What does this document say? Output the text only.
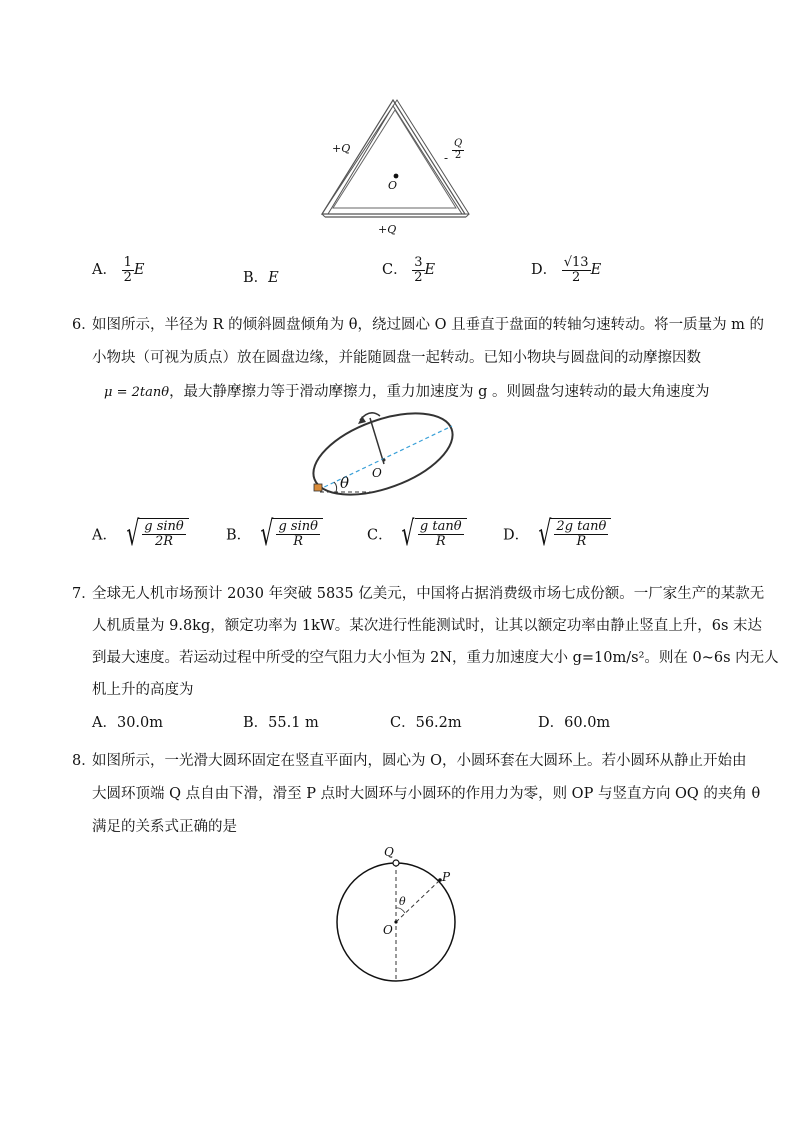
+Q
- $\frac{Q}{2}$
+Q
O
A． $\frac{1}{2}$ E	B．E	C． $\frac{3}{2}$ E	D． $\frac{√13}{2}$ E
6．
如图所示，半径为 R 的倾斜圆盘倾角为 θ，绕过圆心 O 且垂直于盘面的转轴匀速转动。将一质量为 m 的
小物块（可视为质点）放在圆盘边缘，并能随圆盘一起转动。已知小物块与圆盘间的动摩擦因数
μ = 2tanθ，最大静摩擦力等于滑动摩擦力，重力加速度为 g 。则圆盘匀速转动的最大角速度为
O
θ
A． √ $\frac{\text{g sinθ}}{2R}$	B． √ $\frac{\text{g sinθ}}{R}$	C． √ $\frac{\text{g tanθ}}{R}$	D． √ $\frac{\text{2g tanθ}}{R}$
7．
全球无人机市场预计 2030 年突破 5835 亿美元，中国将占据消费级市场七成份额。一厂家生产的某款无
人机质量为 9.8kg，额定功率为 1kW。某次进行性能测试时，让其以额定功率由静止竖直上升，6s 末达
到最大速度。若运动过程中所受的空气阻力大小恒为 2N，重力加速度大小 g=10m/s²。则在 0~6s 内无人
机上升的高度为
A．30.0m	B．55.1 m	C．56.2m	D．60.0m
8．
如图所示，一光滑大圆环固定在竖直平面内，圆心为 O，小圆环套在大圆环上。若小圆环从静止开始由
大圆环顶端 Q 点自由下滑，滑至 P 点时大圆环与小圆环的作用力为零，则 OP 与竖直方向 OQ 的夹角 θ
满足的关系式正确的是
Q
P
O
θ
